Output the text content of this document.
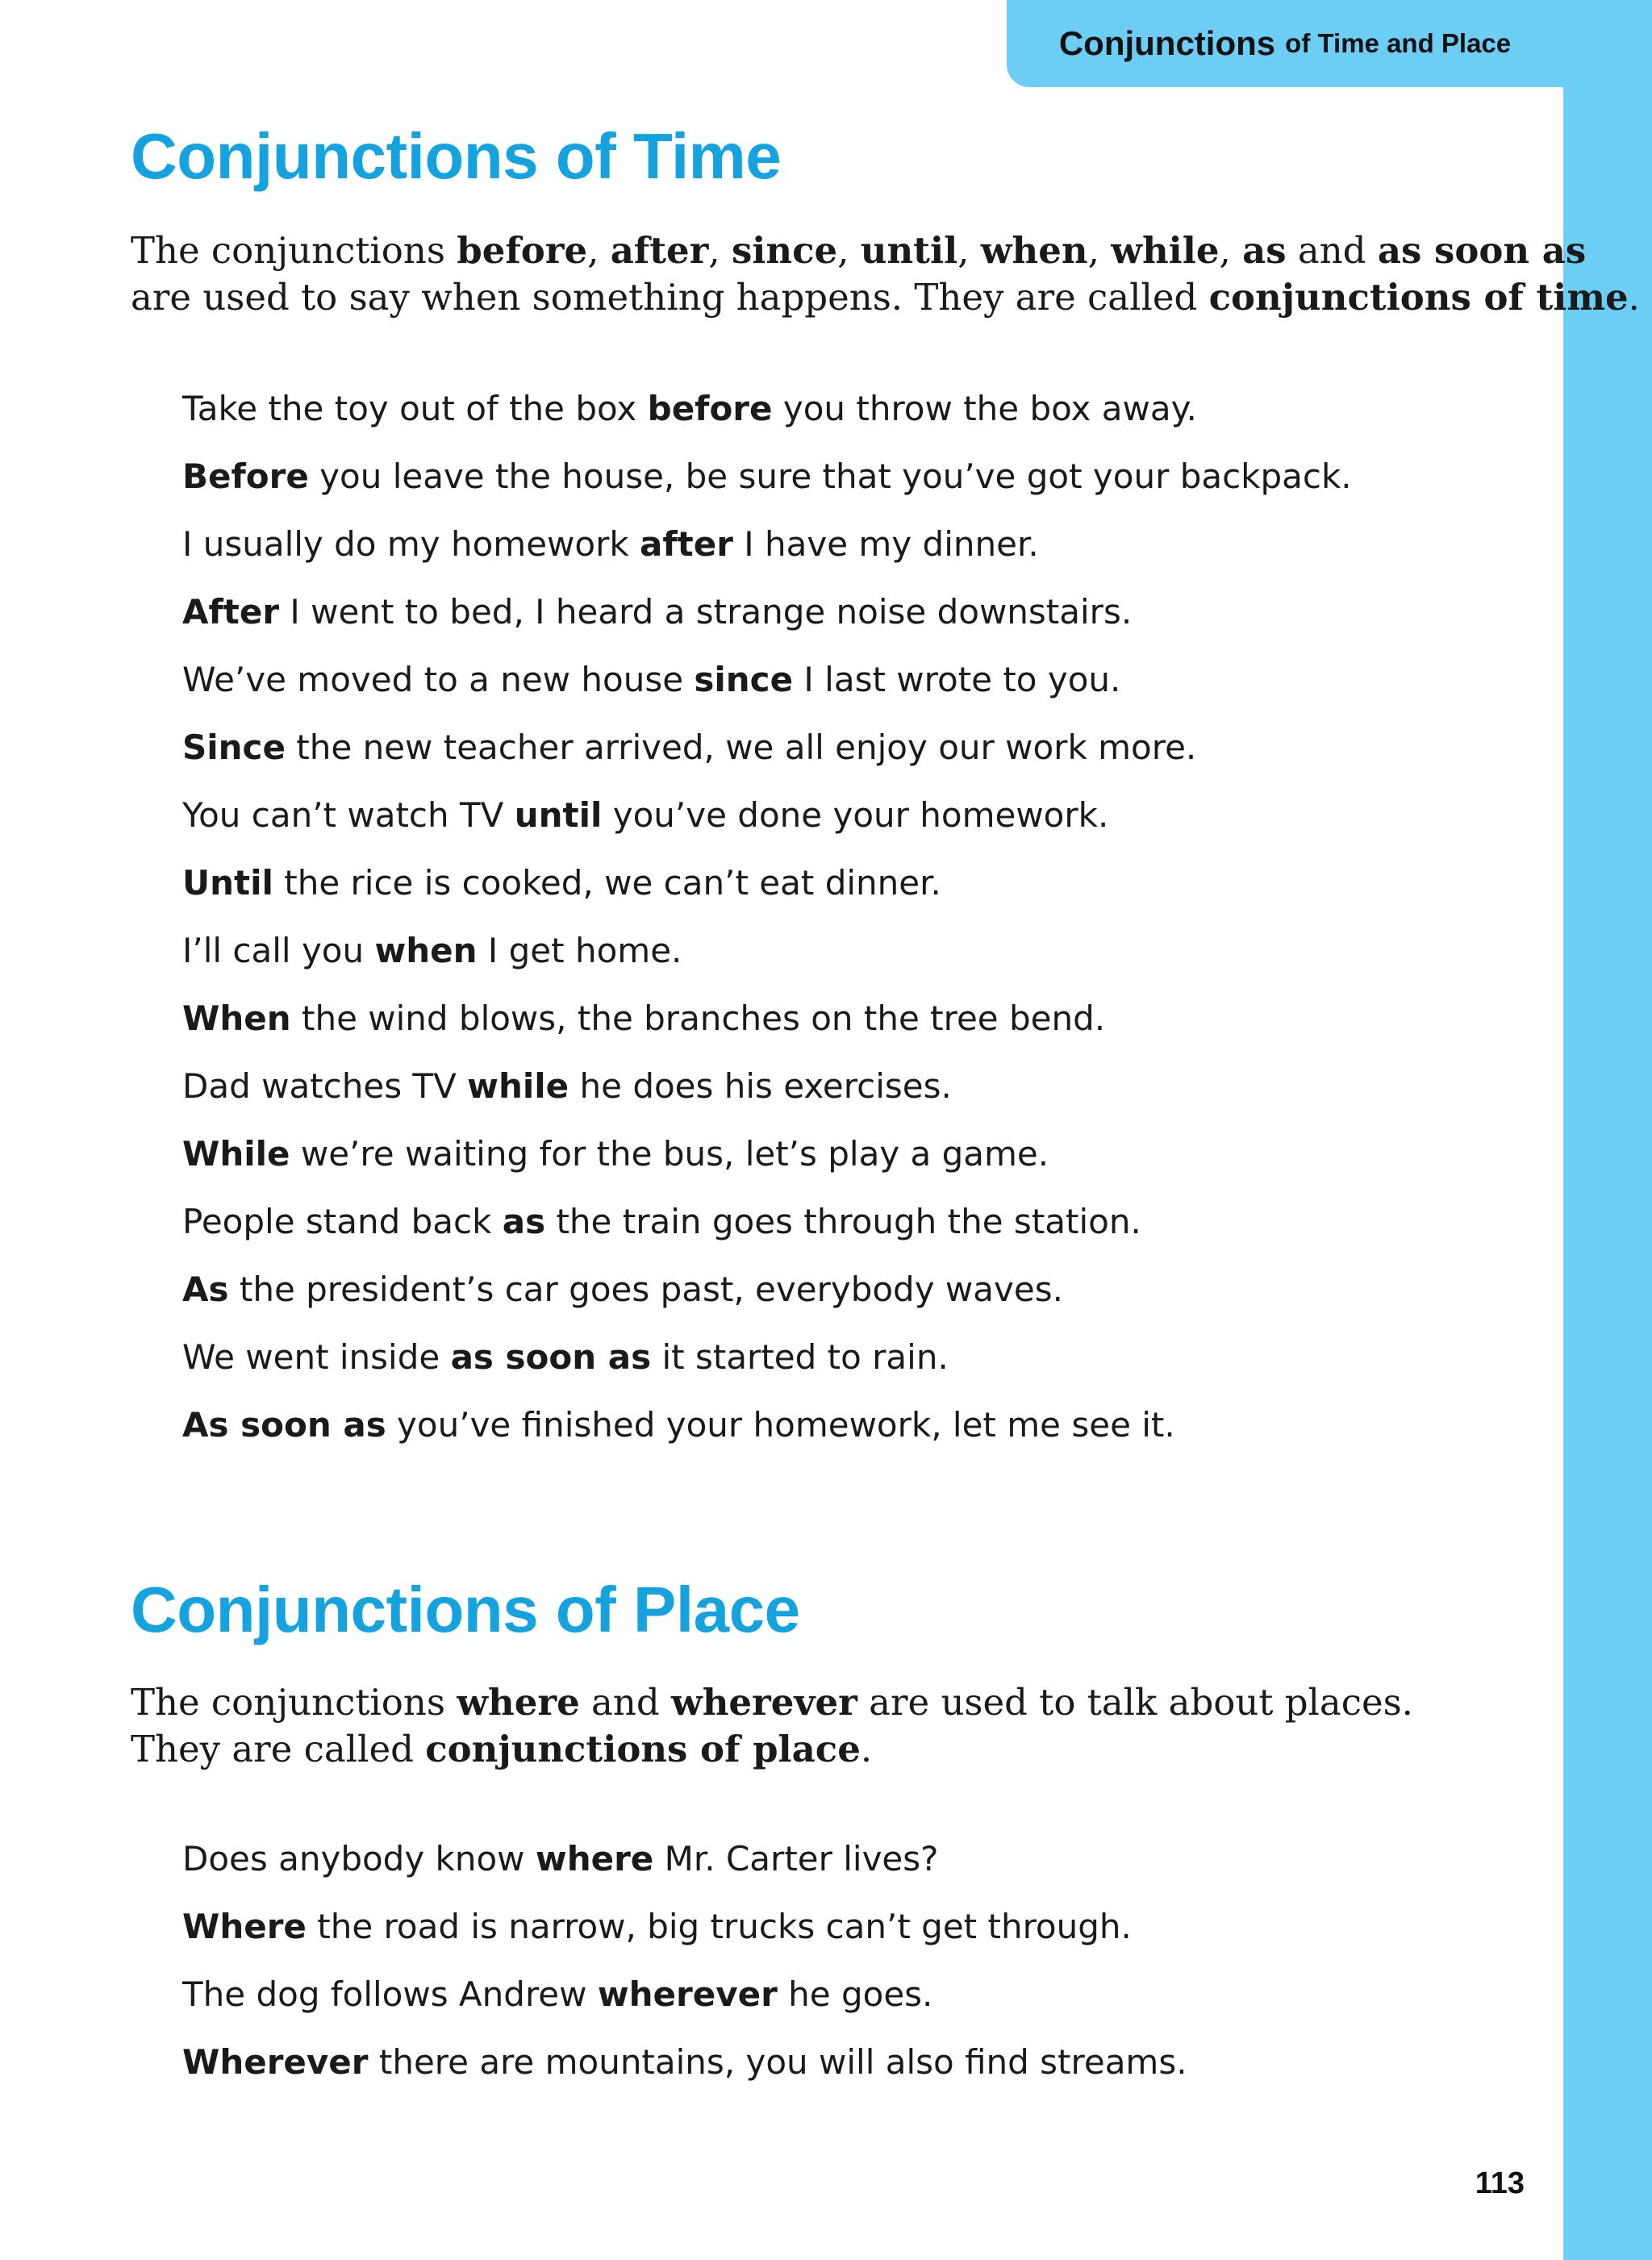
Conjunctions of Time and Place
Conjunctions of Time
The conjunctions before, after, since, until, when, while, as and as soon as
are used to say when something happens. They are called conjunctions of time.
Take the toy out of the box before you throw the box away.
Before you leave the house, be sure that you’ve got your backpack.
I usually do my homework after I have my dinner.
After I went to bed, I heard a strange noise downstairs.
We’ve moved to a new house since I last wrote to you.
Since the new teacher arrived, we all enjoy our work more.
You can’t watch TV until you’ve done your homework.
Until the rice is cooked, we can’t eat dinner.
I’ll call you when I get home.
When the wind blows, the branches on the tree bend.
Dad watches TV while he does his exercises.
While we’re waiting for the bus, let’s play a game.
People stand back as the train goes through the station.
As the president’s car goes past, everybody waves.
We went inside as soon as it started to rain.
As soon as you’ve finished your homework, let me see it.
Conjunctions of Place
The conjunctions where and wherever are used to talk about places.
They are called conjunctions of place.
Does anybody know where Mr. Carter lives?
Where the road is narrow, big trucks can’t get through.
The dog follows Andrew wherever he goes.
Wherever there are mountains, you will also find streams.
113
